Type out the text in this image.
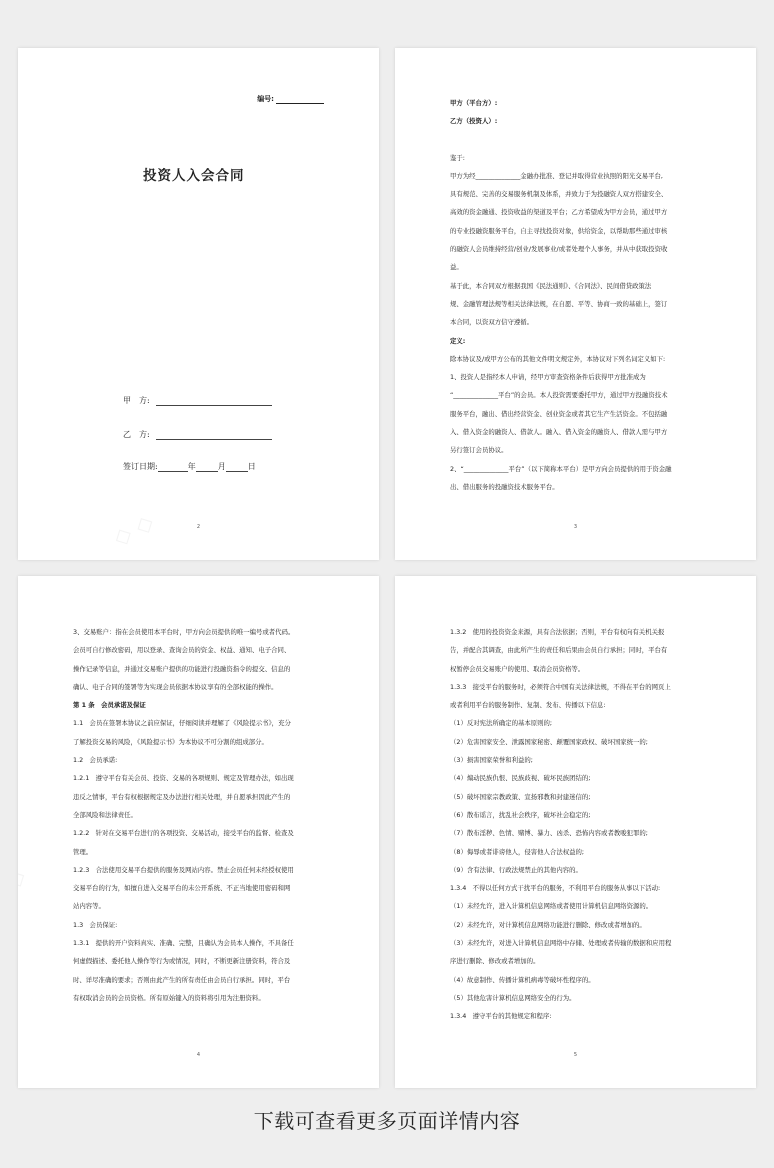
编号:
投资人入会合同
甲　方:
乙　方:
签订日期:	年	月	日
2

甲方（平台方）:

乙方（投资人）:

鉴于:

甲方为经______________金融办批准、登记并取得营业执照的阳光交易平台,

具有规范、完善的交易服务机制及体系，并致力于为投融资人双方搭建安全、

高效的资金融通、投资收益的渠道及平台；乙方希望成为甲方会员，通过甲方

的专业投融资服务平台，自主寻找投资对象，供给资金，以帮助那些通过审核

的融资人会员维持经营/创业/发展事业/或者处理个人事务，并从中获取投资收

益。

基于此，本合同双方根据我国《民法通则》、《合同法》、民间借贷政策法

规、金融管理法规等相关法律法规，在自愿、平等、协商一致的基础上，签订

本合同，以资双方信守遵循。

定义:

除本协议及/或甲方公布的其他文件明文规定外，本协议对下列名词定义如下:

1、投资人是指经本人申请，经甲方审查资格条件后获得甲方批准成为

“______________平台”的会员。本人投资需要委托甲方，通过甲方投融资技术

服务平台，融出、借出经营资金、创业资金或者其它生产生活资金。不包括融

入、借入资金的融资人、借款人。融入、借入资金的融资人、借款人需与甲方

另行签订会员协议。

2、“______________平台”（以下简称本平台）是甲方向会员提供的用于资金融

出、借出服务的投融资技术服务平台。

3

3、交易账户：指在会员使用本平台时，甲方向会员提供的唯一编号或者代码。

会员可自行修改密码，用以登录、查询会员的资金、权益、通知、电子合同、

操作记录等信息，并通过交易账户提供的功能进行投融资指令的提交、信息的

确认、电子合同的签署等为实现会员依据本协议享有的全部权能的操作。

第 1 条　会员承诺及保证

1.1　会员在签署本协议之前应保证，仔细阅读并理解了《风险提示书》，充分

了解投资交易的风险，《风险提示书》为本协议不可分割的组成部分。

1.2　会员承诺:

1.2.1　遵守平台有关会员、投资、交易的各项规则、规定及管理办法，如出现

违反之情事，平台有权根据规定及办法进行相关处理，并自愿承担因此产生的

全部风险和法律责任。

1.2.2　针对在交易平台进行的各项投资、交易活动，接受平台的监督、检查及

管理。

1.2.3　合法使用交易平台提供的服务及网站内容。禁止会员任何未经授权使用

交易平台的行为，如擅自进入交易平台的未公开系统、不正当地使用密码和网

站内容等。

1.3　会员保证:

1.3.1　提供的开户资料真实、准确、完整，且确认为会员本人操作，不具备任

何虚假描述、委托他人操作等行为或情况，同时，不断更新注册资料，符合及

时、详尽准确的要求；否则由此产生的所有责任由会员自行承担。同时，平台

有权取消会员的会员资格。所有原始键入的资料将引用为注册资料。

4

1.3.2　使用的投资资金来源，具有合法依据；否则，平台有权向有关机关报

告，并配合其调查，由此所产生的责任和后果由会员自行承担；同时，平台有

权暂停会员交易账户的使用、取消会员资格等。

1.3.3　接受平台的服务时，必须符合中国有关法律法规，不得在平台的网页上

或者利用平台的服务制作、复制、发布、传播以下信息:

（1）反对宪法所确定的基本原则的;

（2）危害国家安全、泄露国家秘密、颠覆国家政权、破坏国家统一的;

（3）损害国家荣誉和利益的;

（4）煽动民族仇恨、民族歧视、破坏民族团结的;

（5）破坏国家宗教政策、宣扬邪教和封建迷信的;

（6）散布谣言，扰乱社会秩序，破坏社会稳定的;

（7）散布淫秽、色情、赌博、暴力、凶杀、恐怖内容或者教唆犯罪的;

（8）侮辱或者诽谤他人，侵害他人合法权益的;

（9）含有法律、行政法规禁止的其他内容的。

1.3.4　不得以任何方式干扰平台的服务，不利用平台的服务从事以下活动:

（1）未经允许，进入计算机信息网络或者使用计算机信息网络资源的。

（2）未经允许，对计算机信息网络功能进行删除、修改或者增加的。

（3）未经允许，对进入计算机信息网络中存储、处理或者传输的数据和应用程

序进行删除、修改或者增加的。

（4）故意制作、传播计算机病毒等破坏性程序的。

（5）其他危害计算机信息网络安全的行为。

1.3.4　遵守平台的其他规定和程序:

5
下载可查看更多页面详情内容
